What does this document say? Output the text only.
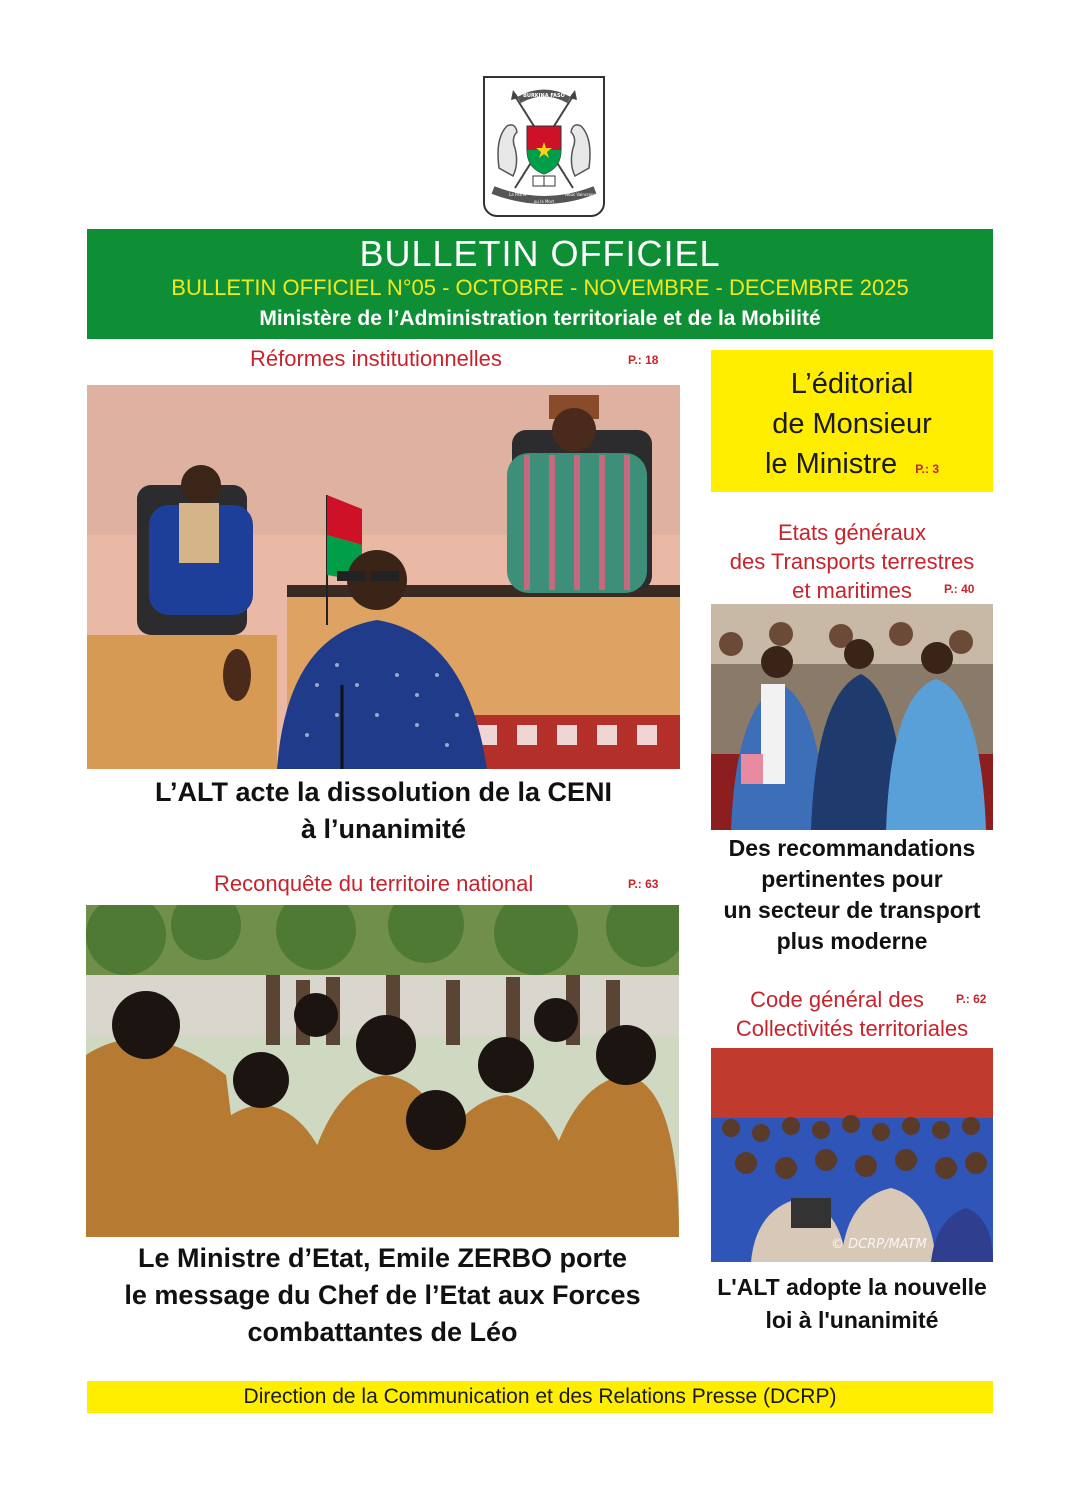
BURKINA FASO
La Patrie
ou la Mort
Nous Vaincrons
BULLETIN OFFICIEL
BULLETIN OFFICIEL N°05 - OCTOBRE - NOVEMBRE - DECEMBRE 2025
Ministère de l’Administration territoriale et de la Mobilité
Réformes institutionnelles	P.: 18
L’ALT acte la dissolution de la CENI
à l’unanimité
Reconquête du territoire national	P.: 63
Le Ministre d’Etat, Emile ZERBO porte
le message du Chef de l’Etat aux Forces
combattantes de Léo
L’éditorial
de Monsieur
le Ministre P.: 3
Etats généraux
des Transports terrestres
et maritimes	P.: 40
Des recommandations
pertinentes pour
un secteur de transport
plus moderne
Code général des
Collectivités territoriales
P.: 62
© DCRP/MATM
L'ALT adopte la nouvelle
loi à l'unanimité
Direction de la Communication et des Relations Presse (DCRP)
